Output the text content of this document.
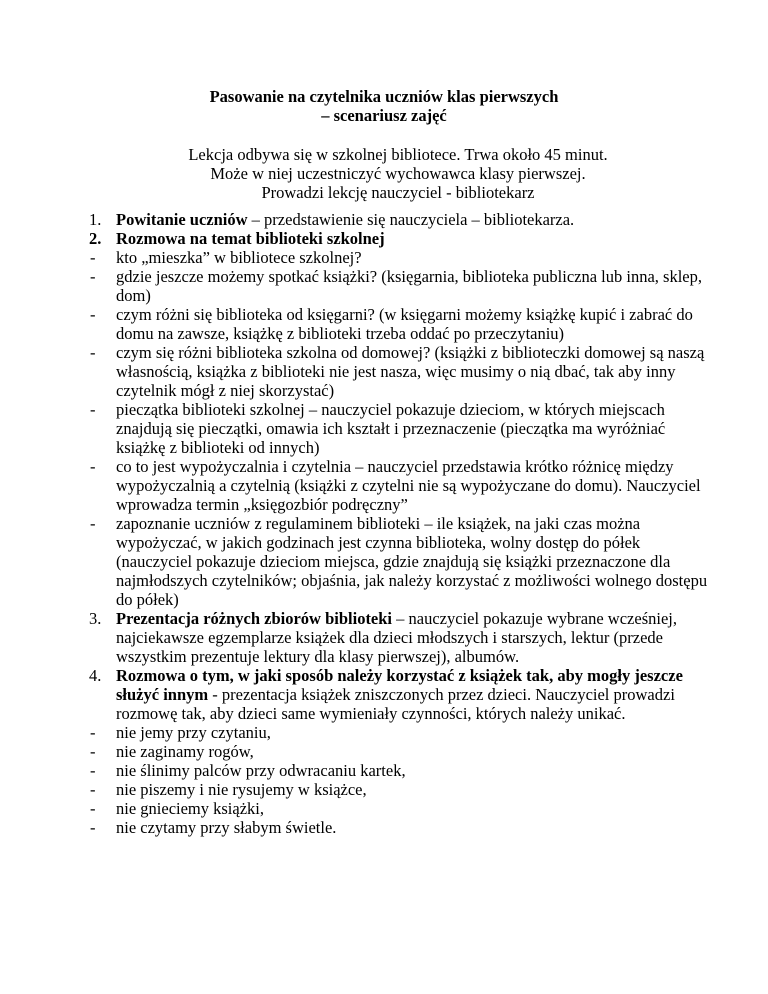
Pasowanie na czytelnika uczniów klas pierwszych
– scenariusz zajęć
Lekcja odbywa się w szkolnej bibliotece. Trwa około 45 minut.
Może w niej uczestniczyć wychowawca klasy pierwszej.
Prowadzi lekcję nauczyciel - bibliotekarz
1. Powitanie uczniów – przedstawienie się nauczyciela – bibliotekarza.
2. Rozmowa na temat biblioteki szkolnej
- kto „mieszka” w bibliotece szkolnej?
- gdzie jeszcze możemy spotkać książki? (księgarnia, biblioteka publiczna lub inna, sklep, dom)
- czym różni się biblioteka od księgarni? (w księgarni możemy książkę kupić i zabrać do domu na zawsze, książkę z biblioteki trzeba oddać po przeczytaniu)
- czym się różni biblioteka szkolna od domowej? (książki z biblioteczki domowej są naszą własnością, książka z biblioteki nie jest nasza, więc musimy o nią dbać, tak aby inny czytelnik mógł z niej skorzystać)
- pieczątka biblioteki szkolnej – nauczyciel pokazuje dzieciom, w których miejscach znajdują się pieczątki, omawia ich kształt i przeznaczenie (pieczątka ma wyróżniać książkę z biblioteki od innych)
- co to jest wypożyczalnia i czytelnia – nauczyciel przedstawia krótko różnicę między wypożyczalnią a czytelnią (książki z czytelni nie są wypożyczane do domu). Nauczyciel wprowadza termin „księgozbiór podręczny”
- zapoznanie uczniów z regulaminem biblioteki – ile książek, na jaki czas można wypożyczać, w jakich godzinach jest czynna biblioteka, wolny dostęp do półek (nauczyciel pokazuje dzieciom miejsca, gdzie znajdują się książki przeznaczone dla najmłodszych czytelników; objaśnia, jak należy korzystać z możliwości wolnego dostępu do półek)
3. Prezentacja różnych zbiorów biblioteki – nauczyciel pokazuje wybrane wcześniej, najciekawsze egzemplarze książek dla dzieci młodszych i starszych, lektur (przede wszystkim prezentuje lektury dla klasy pierwszej), albumów.
4. Rozmowa o tym, w jaki sposób należy korzystać z książek tak, aby mogły jeszcze służyć innym - prezentacja książek zniszczonych przez dzieci. Nauczyciel prowadzi rozmowę tak, aby dzieci same wymieniały czynności, których należy unikać.
- nie jemy przy czytaniu,
- nie zaginamy rogów,
- nie ślinimy palców przy odwracaniu kartek,
- nie piszemy i nie rysujemy w książce,
- nie gnieciemy książki,
- nie czytamy przy słabym świetle.
